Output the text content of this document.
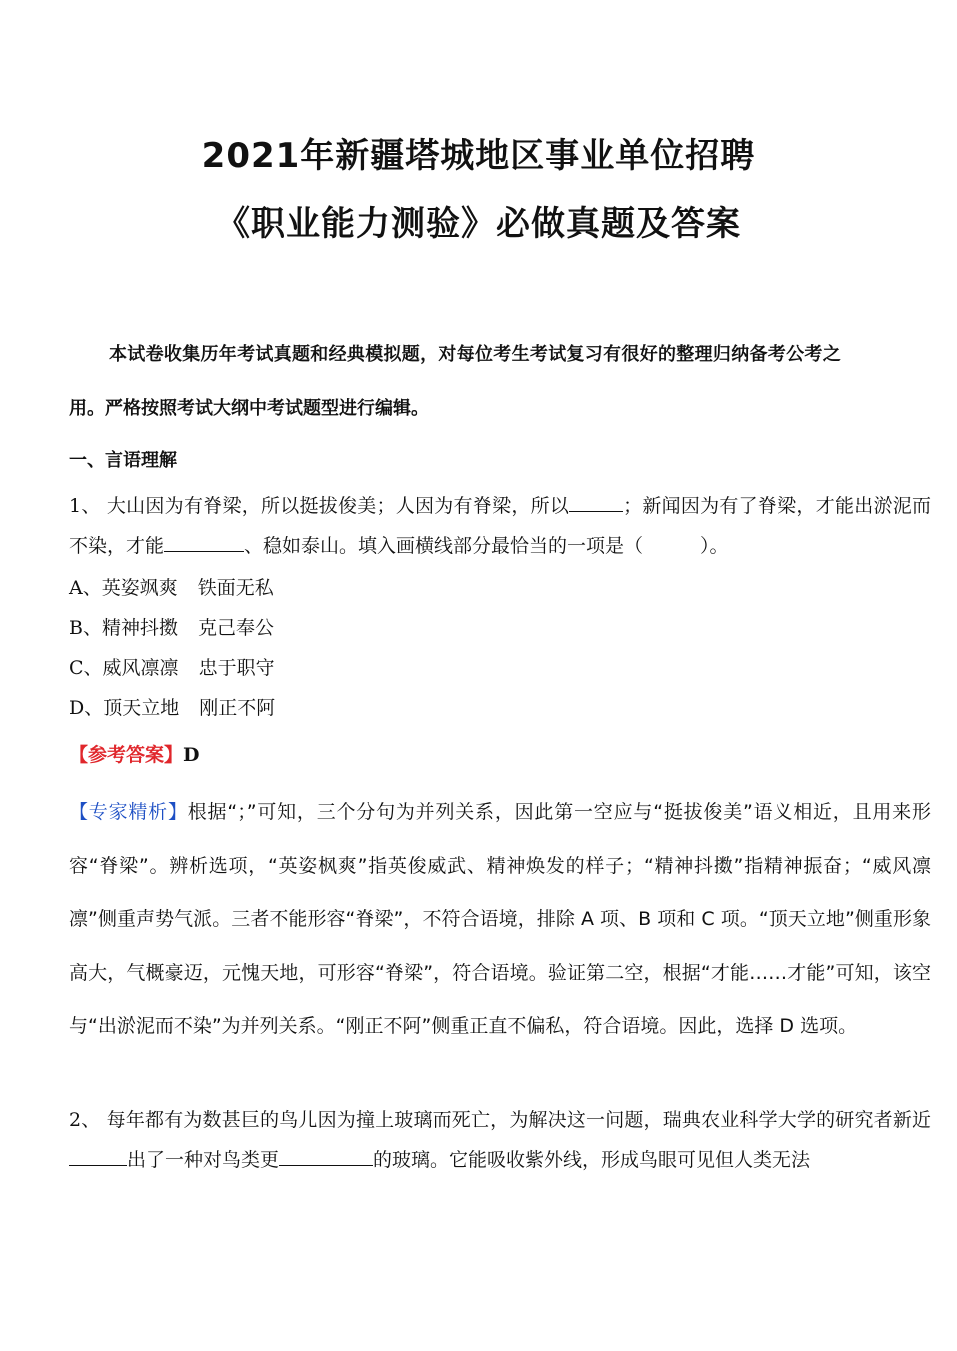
2021年新疆塔城地区事业单位招聘
《职业能力测验》必做真题及答案
本试卷收集历年考试真题和经典模拟题，对每位考生考试复习有很好的整理归纳备考公考之
用。严格按照考试大纲中考试题型进行编辑。
一、言语理解
1、 大山因为有脊梁，所以挺拔俊美；人因为有脊梁，所以	；新闻因为有了脊梁，才能出淤泥而不染，才能	、稳如泰山。填入画横线部分最恰当的一项是（　　　）。
A、英姿飒爽 铁面无私
B、精神抖擞 克己奉公
C、威风凛凛 忠于职守
D、顶天立地 刚正不阿
【参考答案】D
【专家精析】根据“；”可知，三个分句为并列关系，因此第一空应与“挺拔俊美”语义相近，且用来形容“脊梁”。辨析选项，“英姿枫爽”指英俊威武、精神焕发的样子；“精神抖擞”指精神振奋；“威风凛凛”侧重声势气派。三者不能形容“脊梁”，不符合语境，排除 A 项、B 项和 C 项。“顶天立地”侧重形象高大，气概豪迈，元愧天地，可形容“脊梁”，符合语境。验证第二空，根据“才能……才能”可知，该空与“出淤泥而不染”为并列关系。“刚正不阿”侧重正直不偏私，符合语境。因此，选择 D 选项。
2、 每年都有为数甚巨的鸟儿因为撞上玻璃而死亡，为解决这一问题，瑞典农业科学大学的研究者新近出了一种对鸟类更	的玻璃。它能吸收紫外线，形成鸟眼可见但人类无法
